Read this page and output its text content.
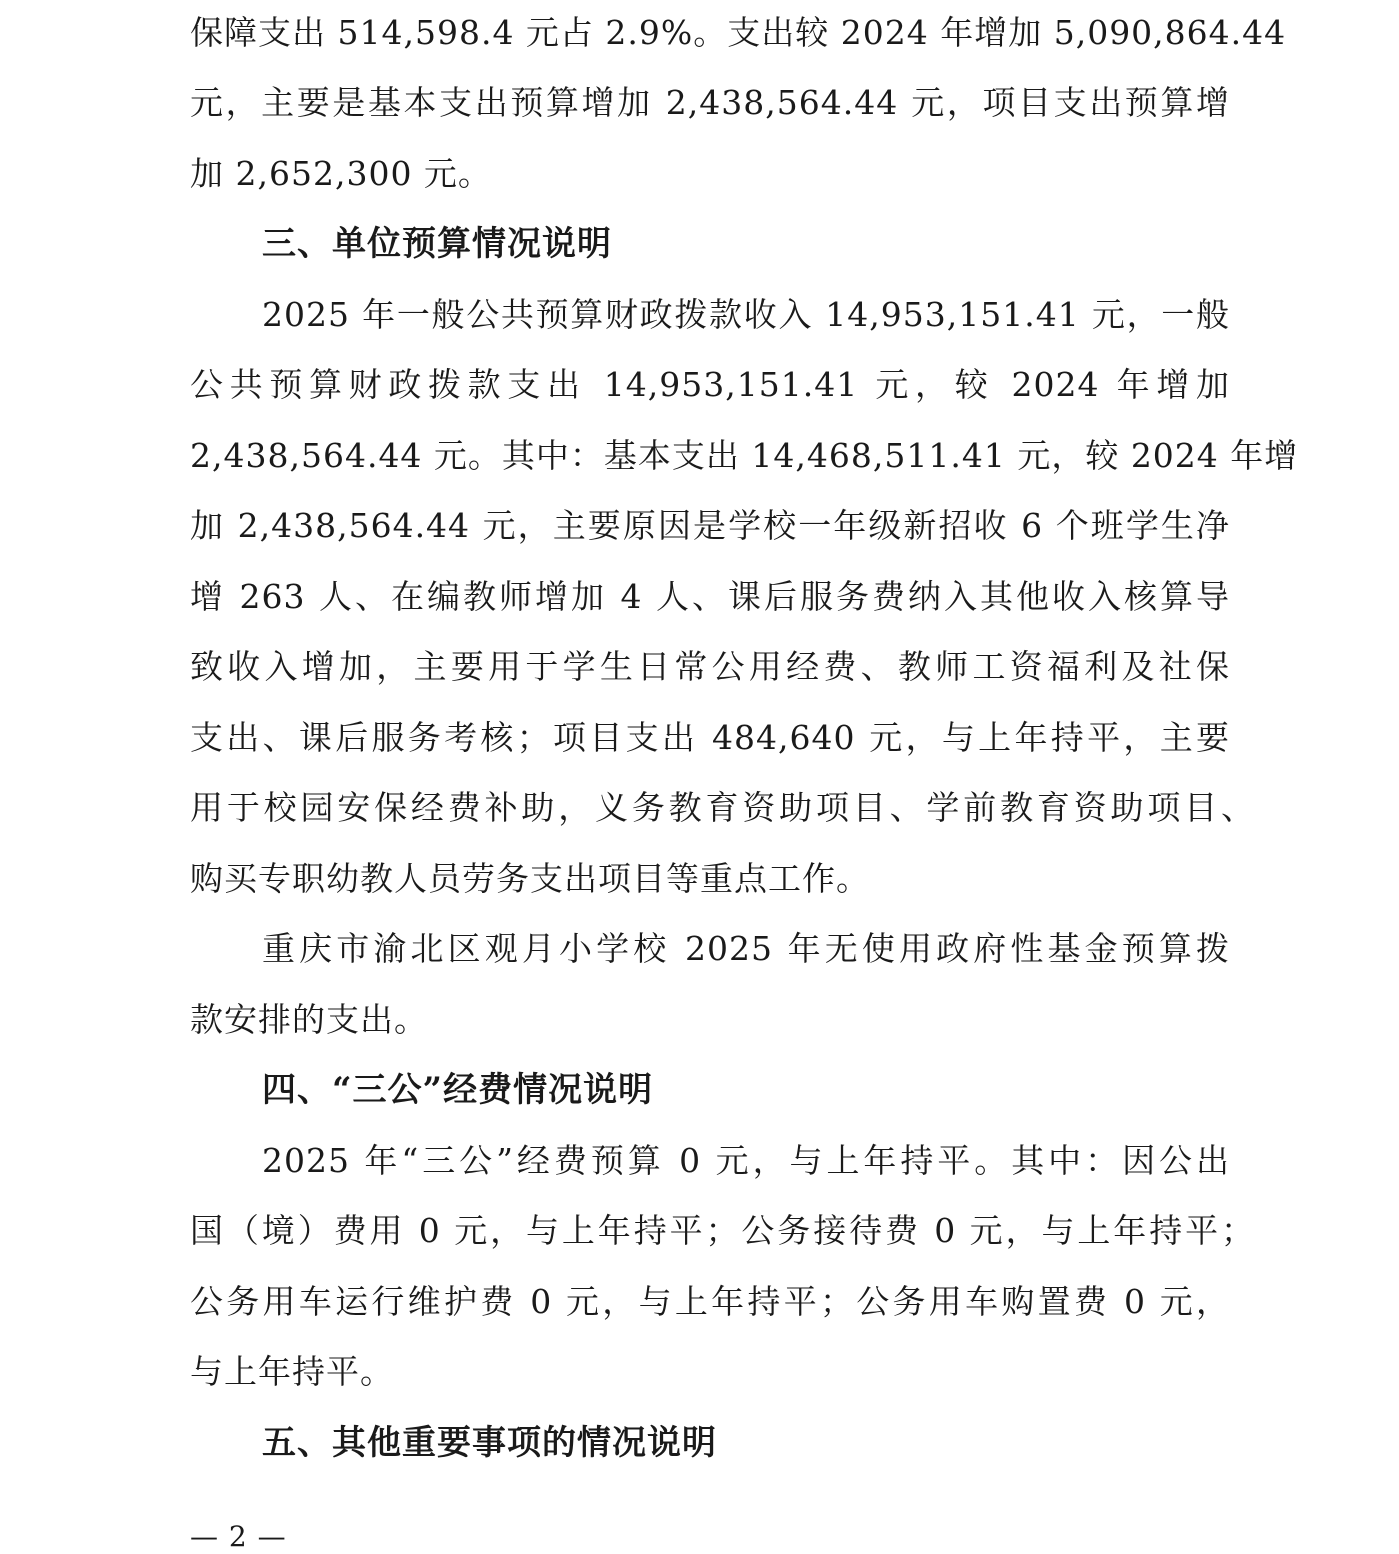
保障支出 514,598.4 元占 2.9%。支出较 2024 年增加 5,090,864.44
元，主要是基本支出预算增加 2,438,564.44 元，项目支出预算增
加 2,652,300 元。
三、单位预算情况说明
2025 年一般公共预算财政拨款收入 14,953,151.41 元，一般
公共预算财政拨款支出 14,953,151.41 元，较 2024 年增加
2,438,564.44 元。其中：基本支出 14,468,511.41 元，较 2024 年增
加 2,438,564.44 元，主要原因是学校一年级新招收 6 个班学生净
增 263 人、在编教师增加 4 人、课后服务费纳入其他收入核算导
致收入增加，主要用于学生日常公用经费、教师工资福利及社保
支出、课后服务考核；项目支出 484,640 元，与上年持平，主要
用于校园安保经费补助，义务教育资助项目、学前教育资助项目、
购买专职幼教人员劳务支出项目等重点工作。
重庆市渝北区观月小学校 2025 年无使用政府性基金预算拨
款安排的支出。
四、“三公”经费情况说明
2025 年“三公”经费预算 0 元，与上年持平。其中：因公出
国（境）费用 0 元，与上年持平；公务接待费 0 元，与上年持平；
公务用车运行维护费 0 元，与上年持平；公务用车购置费 0 元，
与上年持平。
五、其他重要事项的情况说明
— 2 —
